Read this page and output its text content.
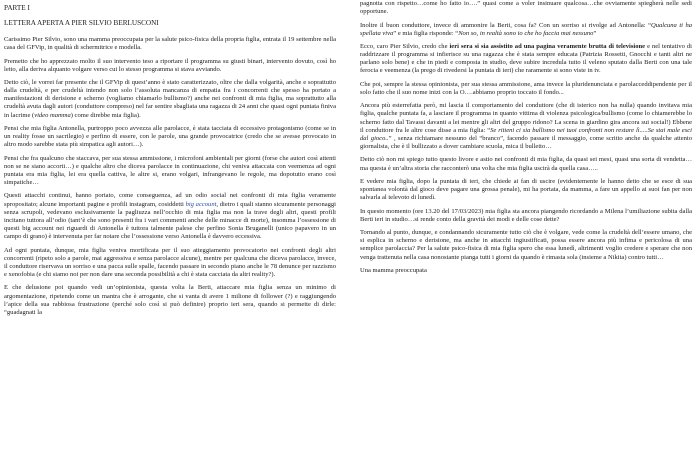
PARTE I
LETTERA APERTA A PIER SILVIO BERLUSCONI

Carissimo Pier Silvio, sono una mamma preoccupata per la salute psico-fisica della propria figlia, entrata il 19 settembre nella casa del GFVip, in qualità di schermitrice e modella.

Premetto che ho apprezzato molto il suo intervento teso a riportare il programma su giusti binari, intervento dovuto, così ho letto, alla deriva alquanto volgare verso cui lo stesso programma si stava avviando.

Detto ciò, le vorrei far presente che il GFVip di quest’anno è stato caratterizzato, oltre che dalla volgarità, anche e soprattutto dalla crudeltà, e per crudeltà intendo non solo l’assoluta mancanza di empatia fra i concorrenti che spesso ha portato a manifestazioni di derisione e scherno (vogliamo chiamarlo bullismo?) anche nei confronti di mia figlia, ma soprattutto alla crudeltà avuta dagli autori (conduttore compreso) nel far sentire sbagliata una ragazza di 24 anni che quasi ogni puntata finiva in lacrime (video mamma) come direbbe mia figlia).

Pensi che mia figlia Antonella, purtroppo poco avvezza alle parolacce, è stata tacciata di eccessivo protagonismo (come se in un reality fosse un sacrilegio) e perfino di essere, con le parole, una grande provocatrice (credo che se avesse provocato in altro modo sarebbe stata più simpatica agli autori…).

Pensi che fra qualcuno che staccava, per sua stessa ammissione, i microfoni ambientali per giorni (forse che autori così attenti non se ne siano accorti…) e qualche altro che diceva parolacce in continuazione, chi veniva attaccata con veemenza ad ogni puntata era mia figlia, lei era quella cattiva, le altre si, erano volgari, infrangevano le regole, ma dopotutto erano così simpatiche…

Questi attacchi continui, hanno portato, come conseguenza, ad un odio social nei confronti di mia figlia veramente spropositato; alcune importanti pagine e profili instagram, cosiddetti big account, dietro i quali stanno sicuramente personaggi senza scrupoli, vedevano esclusivamente la pagliuzza nell’occhio di mia figlia ma non la trave degli altri, questi profili incitano tuttora all’odio (tant’è che sono presenti fra i vari commenti anche delle minacce di morte), insomma l’ossessione di questi big account nei riguardi di Antonella è tuttora talmente palese che perfino Sonia Bruganelli (unico papavero in un campo di grano) è intervenuta per far notare che l’ossessione verso Antonella è davvero eccessiva.

Ad ogni puntata, dunque, mia figlia veniva mortificata per il suo atteggiamento provocatorio nei confronti degli altri concorrenti (ripeto solo a parole, mai aggressiva e senza parolacce alcune), mentre per qualcuna che diceva parolacce, invece, il conduttore riservava un sorriso e una pacca sulle spalle, facendo passare in secondo piano anche le 78 denunce per razzismo e xenofobia (e chi siamo noi per non dare una seconda possibilità a chi è stata cacciata da altri reality?).

E che delusione poi quando vedi un’opinionista, questa volta la Berti, attaccare mia figlia senza un minimo di argomentazione, ripetendo come un mantra che è arrogante, che si vanta di avere 1 milione di follower (?) e raggiungendo l’apice della sua rabbiosa frustrazione (perché solo così si può definire) proprio ieri sera, quando si permette di dirle: “guadagnati la

pagnotta con rispetto…come ho fatto io….” quasi come a voler insinuare qualcosa…che ovviamente spiegherà nelle sedi opportune.

Inoltre il buon conduttore, invece di ammonire la Berti, cosa fa? Con un sorriso si rivolge ad Antonella: “Qualcuna ti ha spellata viva” e mia figlia risponde: “Non so, in realtà sono io che ho faccia mai nessuno”

Ecco, caro Pier Silvio, credo che ieri sera si sia assistito ad una pagina veramente brutta di televisione e nel tentativo di raddrizzare il programma si infierisce su una ragazza che è stata sempre educata (Patrizia Rossetti, Gnocchi e tanti altri ne parlano solo bene) e che in piedi e composta in studio, deve subire incredula tutto il veleno sputato dalla Berti con una tale ferocia e veemenza (la prego di rivedersi la puntata di ieri) che raramente si sono viste in tv.

Che poi, sempre la stessa opinionista, per sua stessa ammissione, ama invece la pluridenunciata e parolacceddipendente per il solo fatto che il suo nome inizi con la O….abbiamo proprio toccato il fondo...

Ancora più esterrefatta però, mi lascia il comportamento del conduttore (che di isterico non ha nulla) quando invitava mia figlia, qualche puntata fa, a lasciare il programma in quanto vittima di violenza psicologica/bullismo (come lo chiamerebbe lo scherno fatto dal Tavassi davanti a lei mentre gli altri del gruppo ridono? La scena in giardino gira ancora sui social!) Ebbene il conduttore fra le altre cose disse a mia figlia: “Se ritieni ci sia bullismo nei tuoi confronti non restare lì.....Se stai male esci dal gioco..” , senza richiamare nessuno del “branco”, facendo passare il messaggio, come scritto anche da qualche attento giornalista, che è il bullizzato a dover cambiare scuola, mica il bulletto…

Detto ciò non mi spiego tutto questo livore e astio nei confronti di mia figlia, da quasi sei mesi, quasi una sorta di vendetta…ma questa è un’altra storia che racconterò una volta che mia figlia uscirà da quella casa…..

E vedere mia figlia, dopo la puntata di ieri, che chiede ai fan di uscire (evidentemente le hanno detto che se esce di sua spontanea volontà dal gioco deve pagare una grossa penale), mi ha portata, da mamma, a fare un appello ai suoi fan per non salvarla al televoto di lunedì.

In questo momento (ore 13.20 del 17/03/2023) mia figlia sta ancora piangendo ricordando a Milena l’umiliazione subita dalla Berti ieri in studio…si rende conto della gravità dei modi e delle cose dette?

Tornando al punto, dunque, e condannando sicuramente tutto ciò che è volgare, vede come la crudeltà dell’essere umano, che si esplica in scherno e derisione, ma anche in attacchi ingiustificati, possa essere ancora più infima e pericolosa di una semplice parolaccia? Per la salute psico-fisica di mia figlia spero che essa lunedì, altrimenti voglio credere e sperare che non venga trattenuta nella casa nonostante pianga tutti i giorni da quando è rimasta sola (insieme a Nikita) contro tutti…

Una mamma preoccupata
